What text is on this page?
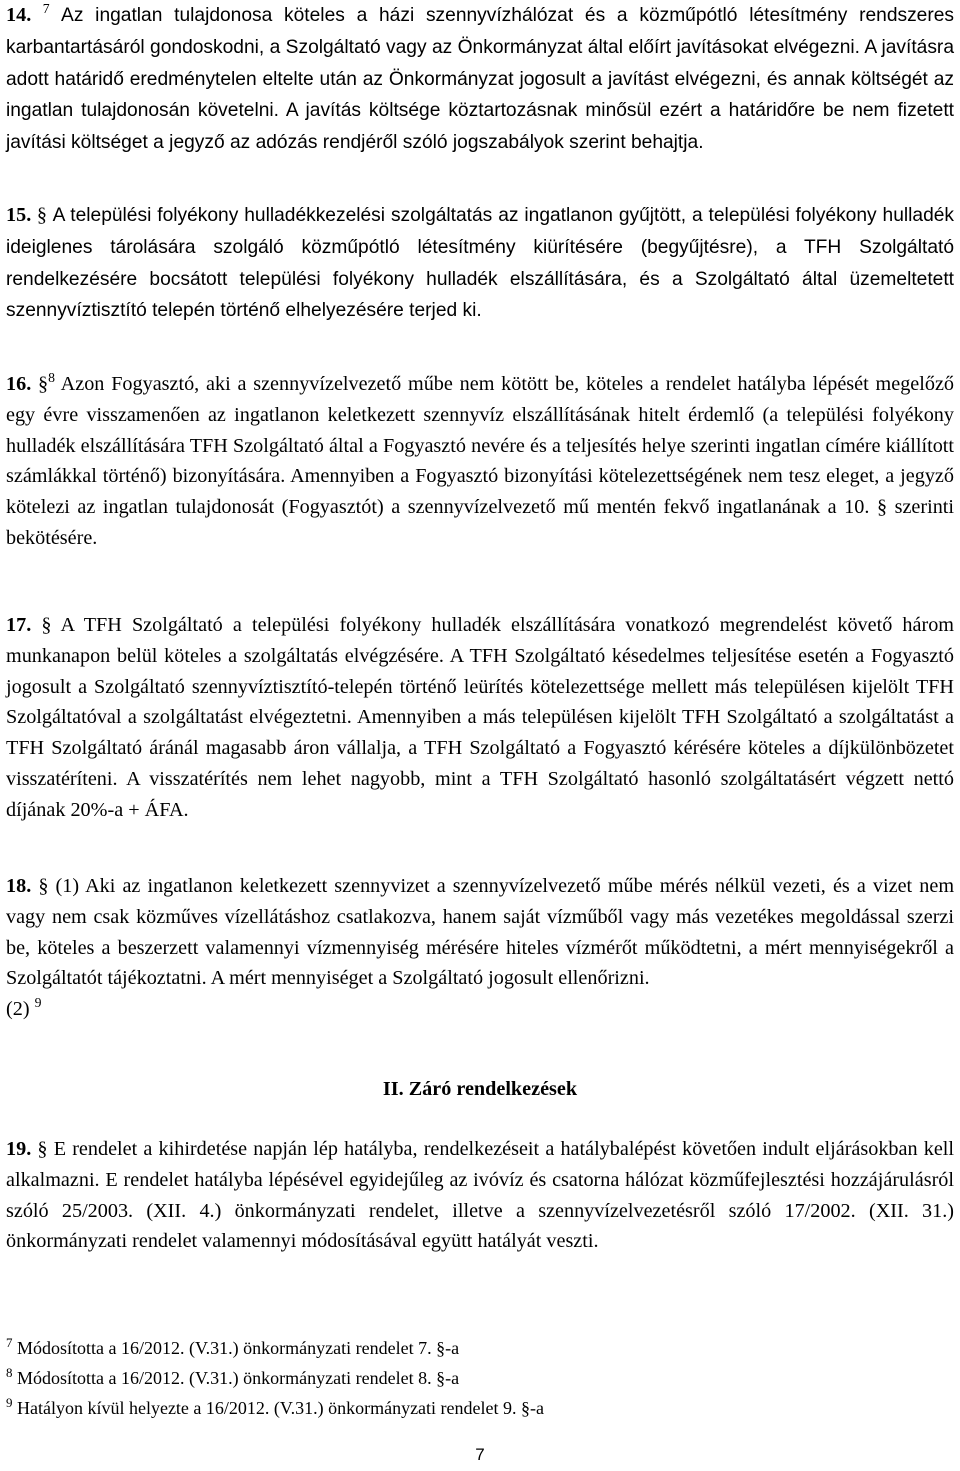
14. $^7$ Az ingatlan tulajdonosa köteles a házi szennyvízhálózat és a közműpótló létesítmény rendszeres karbantartásáról gondoskodni, a Szolgáltató vagy az Önkormányzat által előírt javításokat elvégezni. A javításra adott határidő eredménytelen eltelte után az Önkormányzat jogosult a javítást elvégezni, és annak költségét az ingatlan tulajdonosán követelni. A javítás költsége köztartozásnak minősül ezért a határidőre be nem fizetett javítási költséget a jegyző az adózás rendjéről szóló jogszabályok szerint behajtja.

15. § A települési folyékony hulladékkezelési szolgáltatás az ingatlanon gyűjtött, a települési folyékony hulladék ideiglenes tárolására szolgáló közműpótló létesítmény kiürítésére (begyűjtésre), a TFH Szolgáltató rendelkezésére bocsátott települési folyékony hulladék elszállítására, és a Szolgáltató által üzemeltetett szennyvíztisztító telepén történő elhelyezésére terjed ki.

16. §$^8$ Azon Fogyasztó, aki a szennyvízelvezető műbe nem kötött be, köteles a rendelet hatályba lépését megelőző egy évre visszamenően az ingatlanon keletkezett szennyvíz elszállításának hitelt érdemlő (a települési folyékony hulladék elszállítására TFH Szolgáltató által a Fogyasztó nevére és a teljesítés helye szerinti ingatlan címére kiállított számlákkal történő) bizonyítására. Amennyiben a Fogyasztó bizonyítási kötelezettségének nem tesz eleget, a jegyző kötelezi az ingatlan tulajdonosát (Fogyasztót) a szennyvízelvezető mű mentén fekvő ingatlanának a 10. § szerinti bekötésére.

17. § A TFH Szolgáltató a települési folyékony hulladék elszállítására vonatkozó megrendelést követő három munkanapon belül köteles a szolgáltatás elvégzésére. A TFH Szolgáltató késedelmes teljesítése esetén a Fogyasztó jogosult a Szolgáltató szennyvíztisztító-telepén történő leürítés kötelezettsége mellett más településen kijelölt TFH Szolgáltatóval a szolgáltatást elvégeztetni. Amennyiben a más településen kijelölt TFH Szolgáltató a szolgáltatást a TFH Szolgáltató áránál magasabb áron vállalja, a TFH Szolgáltató a Fogyasztó kérésére köteles a díjkülönbözetet visszatéríteni. A visszatérítés nem lehet nagyobb, mint a TFH Szolgáltató hasonló szolgáltatásért végzett nettó díjának 20%-a + ÁFA.

18. § (1) Aki az ingatlanon keletkezett szennyvizet a szennyvízelvezető műbe mérés nélkül vezeti, és a vizet nem vagy nem csak közműves vízellátáshoz csatlakozva, hanem saját vízműből vagy más vezetékes megoldással szerzi be, köteles a beszerzett valamennyi vízmennyiség mérésére hiteles vízmérőt működtetni, a mért mennyiségekről a Szolgáltatót tájékoztatni. A mért mennyiséget a Szolgáltató jogosult ellenőrizni.
(2) $^9$

II. Záró rendelkezések

19. § E rendelet a kihirdetése napján lép hatályba, rendelkezéseit a hatálybalépést követően indult eljárásokban kell alkalmazni. E rendelet hatályba lépésével egyidejűleg az ivóvíz és csatorna hálózat közműfejlesztési hozzájárulásról szóló 25/2003. (XII. 4.) önkormányzati rendelet, illetve a szennyvízelvezetésről szóló 17/2002. (XII. 31.) önkormányzati rendelet valamennyi módosításával együtt hatályát veszti.

$^7$ Módosította a 16/2012. (V.31.) önkormányzati rendelet 7. §-a
$^8$ Módosította a 16/2012. (V.31.) önkormányzati rendelet 8. §-a
$^9$ Hatályon kívül helyezte a 16/2012. (V.31.) önkormányzati rendelet 9. §-a
7
